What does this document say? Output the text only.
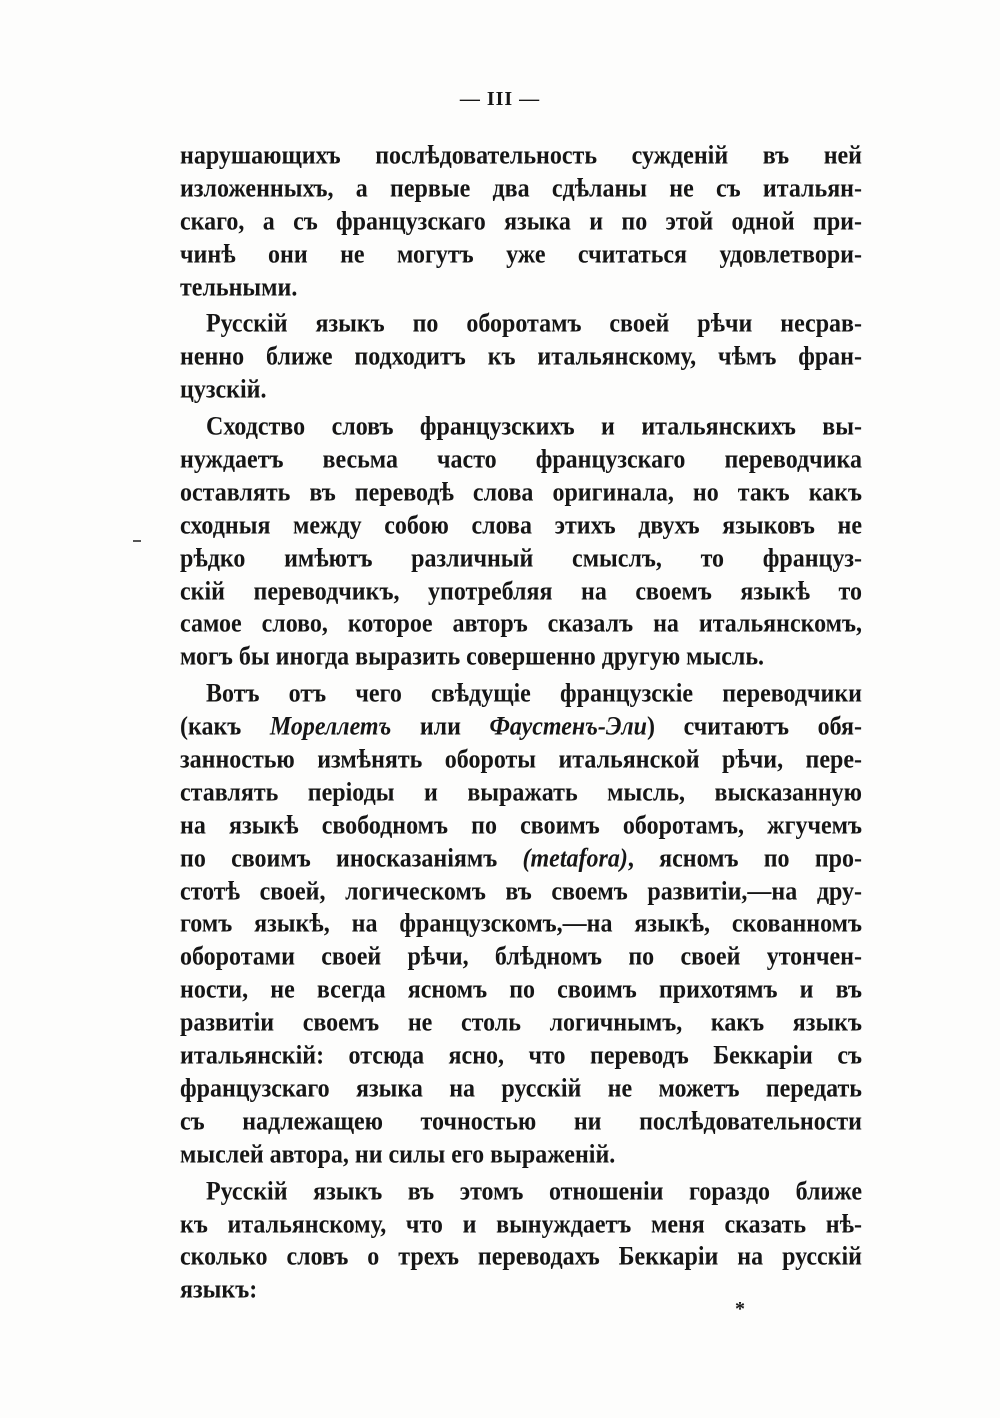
— III —
нарушающихъ послѣдовательность сужденій въ ней
изложенныхъ, а первые два сдѣланы не съ итальян-
скаго, а съ французскаго языка и по этой одной при-
чинѣ они не могутъ уже считаться удовлетвори-
тельными.
Русскій языкъ по оборотамъ своей рѣчи несрав-
ненно ближе подходитъ къ итальянскому, чѣмъ фран-
цузскій.
Сходство словъ французскихъ и итальянскихъ вы-
нуждаетъ весьма часто французскаго переводчика
оставлять въ переводѣ слова оригинала, но такъ какъ
сходныя между собою слова этихъ двухъ языковъ не
рѣдко имѣютъ различный смыслъ, то француз-
скій переводчикъ, употребляя на своемъ языкѣ то
самое слово, которое авторъ сказалъ на итальянскомъ,
могъ бы иногда выразить совершенно другую мысль.
Вотъ отъ чего свѣдущіе французскіе переводчики
(какъ Мореллетъ или Фаустенъ-Эли) считаютъ обя-
занностью измѣнять обороты итальянской рѣчи, пере-
ставлять періоды и выражать мысль, высказанную
на языкѣ свободномъ по своимъ оборотамъ, жгучемъ
по своимъ иносказаніямъ (metafora), ясномъ по про-
стотѣ своей, логическомъ въ своемъ развитіи,—на дру-
гомъ языкѣ, на французскомъ,—на языкѣ, скованномъ
оборотами своей рѣчи, блѣдномъ по своей утончен-
ности, не всегда ясномъ по своимъ прихотямъ и въ
развитіи своемъ не столь логичнымъ, какъ языкъ
итальянскій: отсюда ясно, что переводъ Беккаріи съ
французскаго языка на русскій не можетъ передать
съ надлежащею точностью ни послѣдовательности
мыслей автора, ни силы его выраженій.
Русскій языкъ въ этомъ отношеніи гораздо ближе
къ итальянскому, что и вынуждаетъ меня сказать нѣ-
сколько словъ о трехъ переводахъ Беккаріи на русскій
языкъ:
*
